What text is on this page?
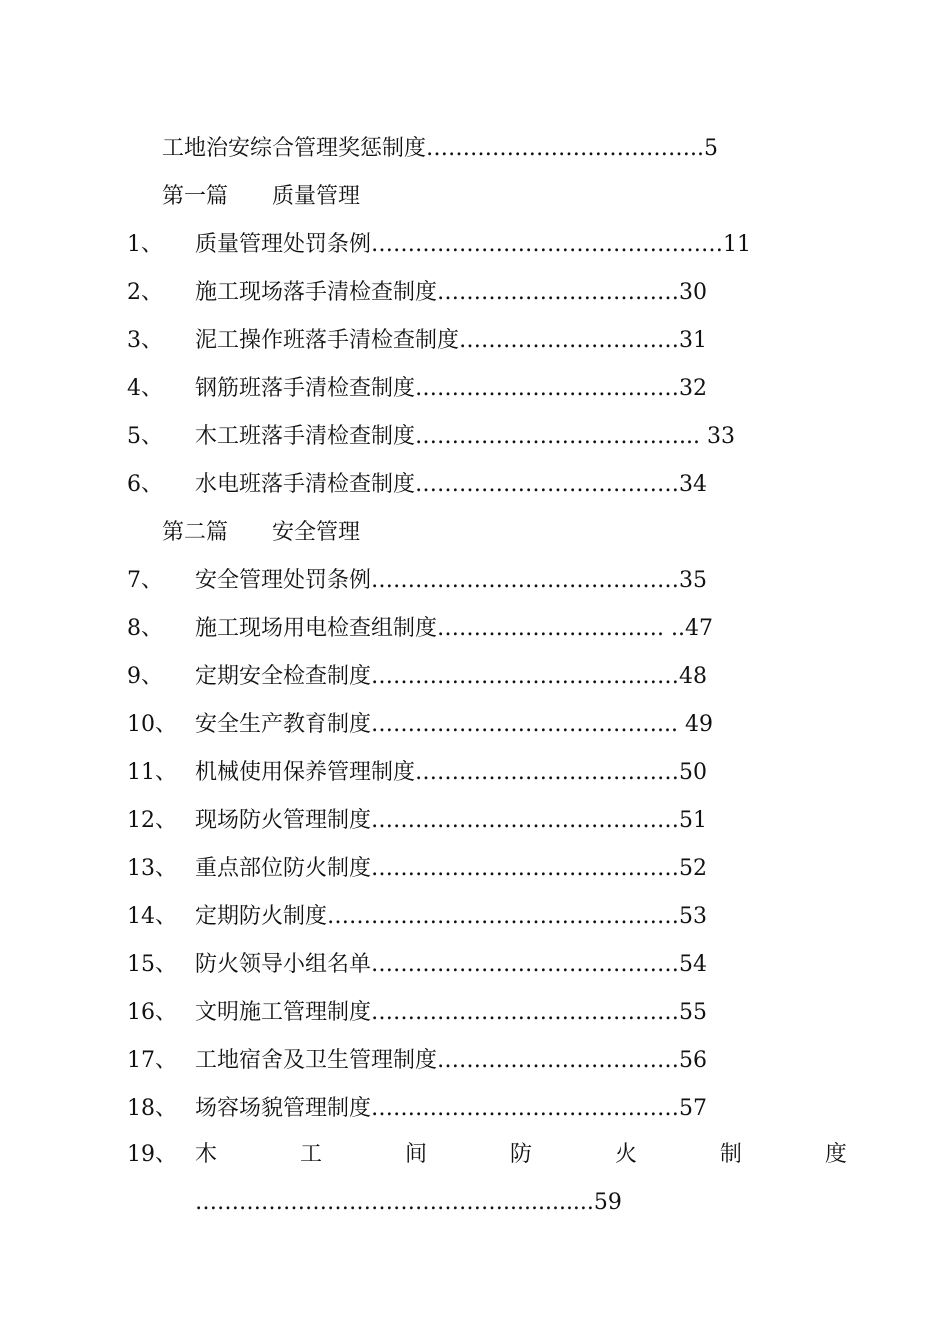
工地治安综合管理奖惩制度………………………………..5
第一篇　　质量管理
1、 质量管理处罚条例…………………………………………11
2、 施工现场落手清检查制度……………………………30
3、 泥工操作班落手清检查制度…………………………31
4、 钢筋班落手清检查制度………………………………32
5、 木工班落手清检查制度………………………………... 33
6、 水电班落手清检查制度………………………………34
第二篇　　安全管理
7、 安全管理处罚条例……………………………………35
8、 施工现场用电检查组制度…………………………. ..47
9、 定期安全检查制度……………………………………48
10、 安全生产教育制度…………………………………... 49
11、 机械使用保养管理制度………………………………50
12、 现场防火管理制度……………………………………51
13、 重点部位防火制度……………………………………52
14、 定期防火制度…………………………………………53
15、 防火领导小组名单……………………………………54
16、 文明施工管理制度……………………………………55
17、 工地宿舍及卫生管理制度……………………………56
18、 场容场貌管理制度……………………………………57
19、 木	工	间	防	火	制	度
…………………………………….............59
